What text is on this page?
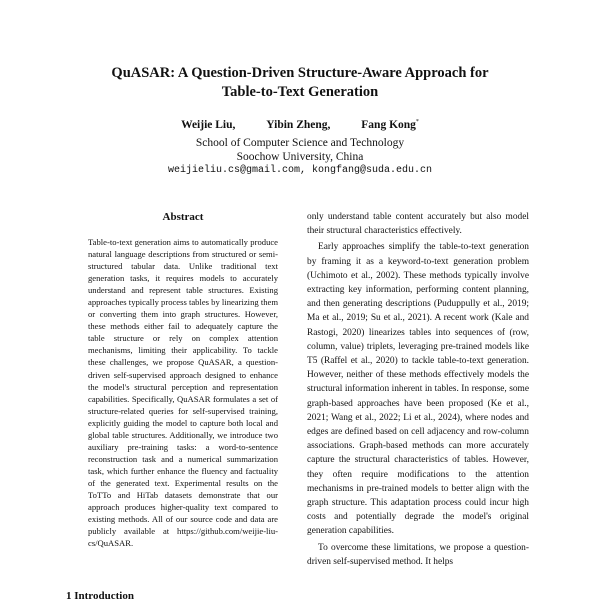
QuASAR: A Question-Driven Structure-Aware Approach for
Table-to-Text Generation
Weijie Liu,	Yibin Zheng,	Fang Kong*
School of Computer Science and Technology
Soochow University, China
weijieliu.cs@gmail.com, kongfang@suda.edu.cn
Abstract
Table-to-text generation aims to automatically produce natural language descriptions from structured or semi-structured tabular data. Unlike traditional text generation tasks, it requires models to accurately understand and represent table structures. Existing approaches typically process tables by linearizing them or converting them into graph structures. However, these methods either fail to adequately capture the table structure or rely on complex attention mechanisms, limiting their applicability. To tackle these challenges, we propose QuASAR, a question-driven self-supervised approach designed to enhance the model's structural perception and representation capabilities. Specifically, QuASAR formulates a set of structure-related queries for self-supervised training, explicitly guiding the model to capture both local and global table structures. Additionally, we introduce two auxiliary pre-training tasks: a word-to-sentence reconstruction task and a numerical summarization task, which further enhance the fluency and factuality of the generated text. Experimental results on the ToTTo and HiTab datasets demonstrate that our approach produces higher-quality text compared to existing methods. All of our source code and data are publicly available at https://github.com/weijie-liu-cs/QuASAR.

only understand table content accurately but also model their structural characteristics effectively.

Early approaches simplify the table-to-text generation by framing it as a keyword-to-text generation problem (Uchimoto et al., 2002). These methods typically involve extracting key information, performing content planning, and then generating descriptions (Puduppully et al., 2019; Ma et al., 2019; Su et al., 2021). A recent work (Kale and Rastogi, 2020) linearizes tables into sequences of (row, column, value) triplets, leveraging pre-trained models like T5 (Raffel et al., 2020) to tackle table-to-text generation. However, neither of these methods effectively models the structural information inherent in tables. In response, some graph-based approaches have been proposed (Ke et al., 2021; Wang et al., 2022; Li et al., 2024), where nodes and edges are defined based on cell adjacency and row-column associations. Graph-based methods can more accurately capture the structural characteristics of tables. However, they often require modifications to the attention mechanisms in pre-trained models to better align with the graph structure. This adaptation process could incur high costs and potentially degrade the model's original generation capabilities.

To overcome these limitations, we propose a question-driven self-supervised method. It helps

1 Introduction
